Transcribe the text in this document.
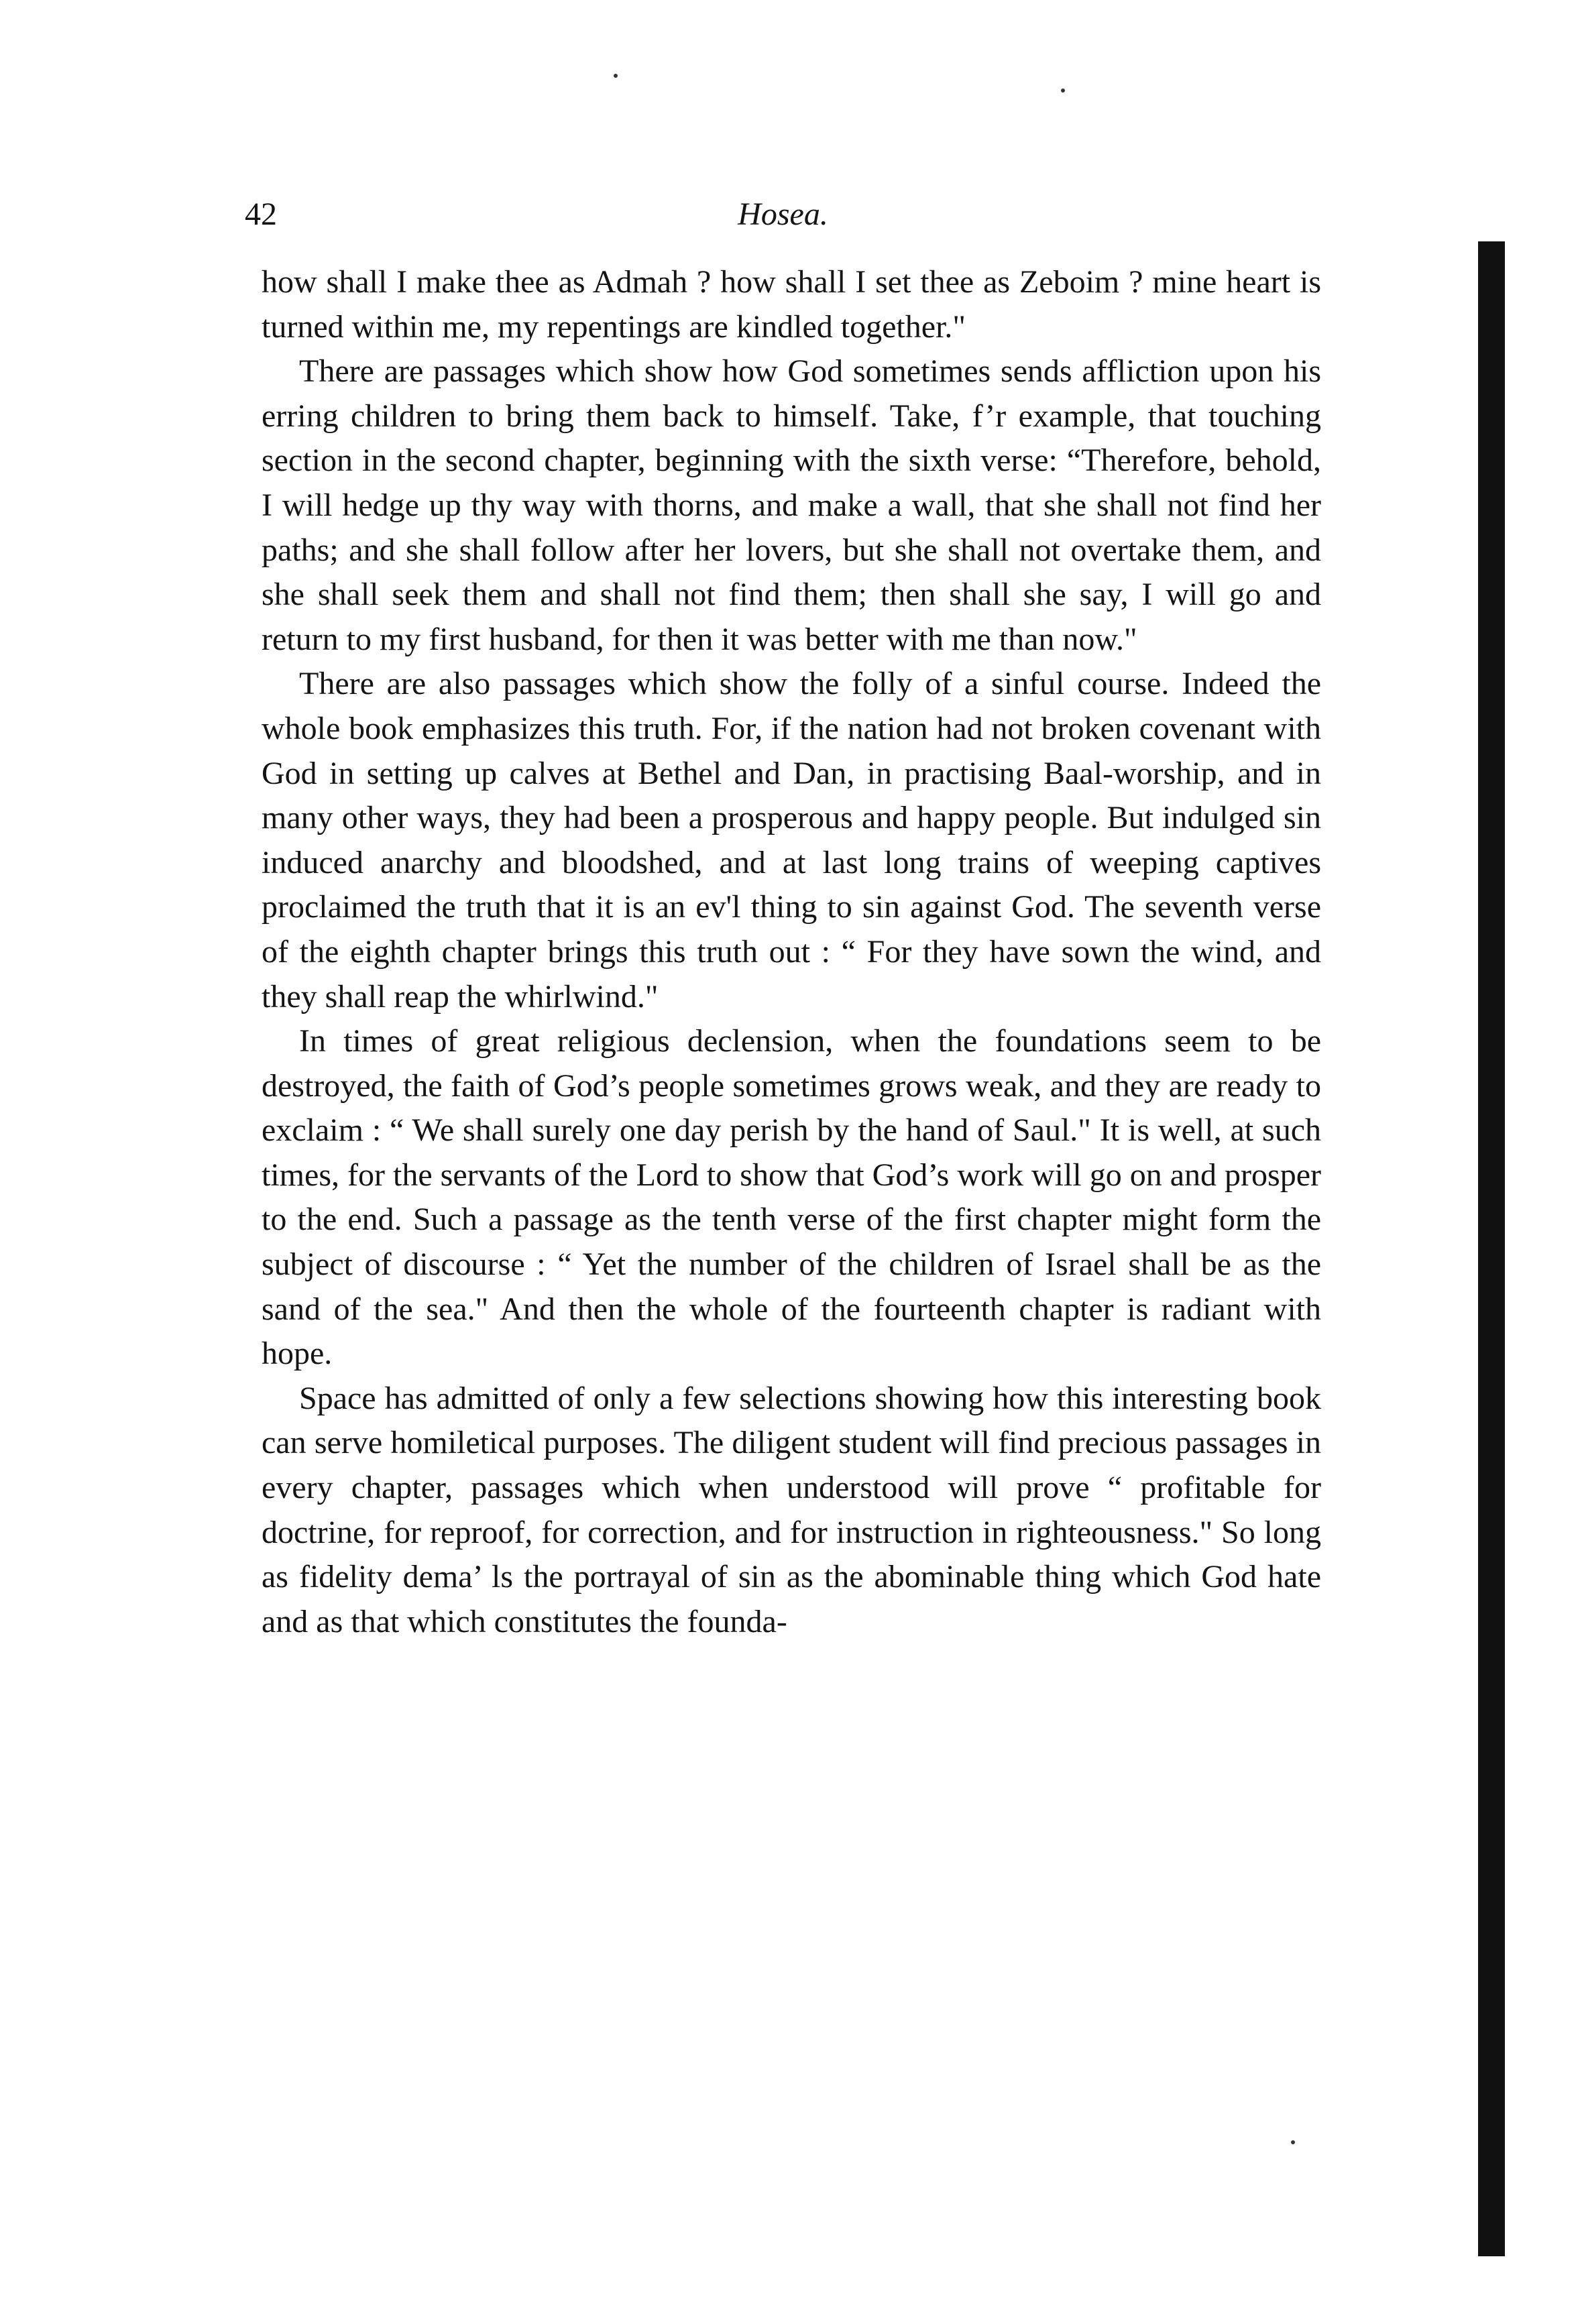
42	Hosea.

how shall I make thee as Admah ? how shall I set thee as Zeboim ? mine heart is turned within me, my repentings are kindled together."

There are passages which show how God sometimes sends affliction upon his erring children to bring them back to himself. Take, f’r example, that touching section in the second chapter, beginning with the sixth verse: “Therefore, behold, I will hedge up thy way with thorns, and make a wall, that she shall not find her paths; and she shall follow after her lovers, but she shall not overtake them, and she shall seek them and shall not find them; then shall she say, I will go and return to my first husband, for then it was better with me than now."

There are also passages which show the folly of a sinful course. Indeed the whole book emphasizes this truth. For, if the nation had not broken covenant with God in setting up calves at Bethel and Dan, in practising Baal-worship, and in many other ways, they had been a prosperous and happy people. But indulged sin induced anarchy and bloodshed, and at last long trains of weeping captives proclaimed the truth that it is an ev'l thing to sin against God. The seventh verse of the eighth chapter brings this truth out : “ For they have sown the wind, and they shall reap the whirlwind."

In times of great religious declension, when the foundations seem to be destroyed, the faith of God’s people sometimes grows weak, and they are ready to exclaim : “ We shall surely one day perish by the hand of Saul." It is well, at such times, for the servants of the Lord to show that God’s work will go on and prosper to the end. Such a passage as the tenth verse of the first chapter might form the subject of discourse : “ Yet the number of the children of Israel shall be as the sand of the sea." And then the whole of the fourteenth chapter is radiant with hope.

Space has admitted of only a few selections showing how this interesting book can serve homiletical purposes. The diligent student will find precious passages in every chapter, passages which when understood will prove “ profitable for doctrine, for reproof, for correction, and for instruction in righteousness." So long as fidelity dema’ ls the portrayal of sin as the abominable thing which God hate and as that which constitutes the founda-
